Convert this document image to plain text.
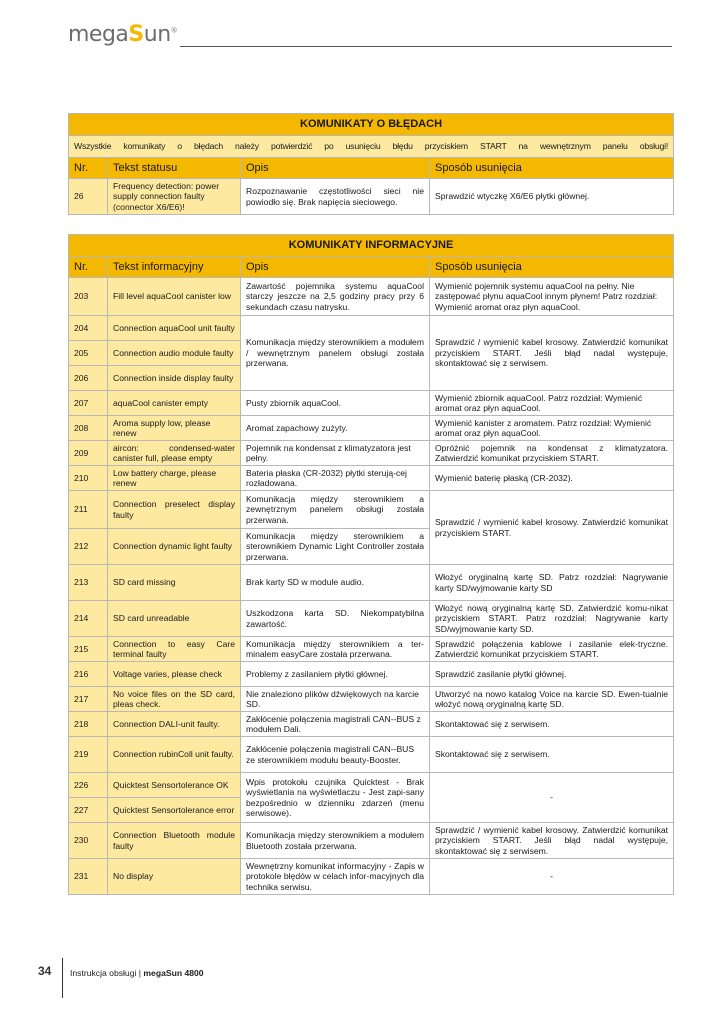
megaSun®
KOMUNIKATY O BŁĘDACH			
Wszystkie komunikaty o błędach należy potwierdzić po usunięciu błędu przyciskiem START na wewnętrznym panelu obsługi!			
Nr.	Tekst statusu	Opis	Sposób usunięcia
26	Frequency detection: power supply connection faulty (connector X6/E6)!	Rozpoznawanie częstotliwości sieci nie powiodło się. Brak napięcia sieciowego.	Sprawdzić wtyczkę X6/E6 płytki głównej.
KOMUNIKATY INFORMACYJNE			
Nr.	Tekst informacyjny	Opis	Sposób usunięcia
203	Fill level aquaCool canister low	Zawartość pojemnika systemu aquaCool starczy jeszcze na 2,5 godziny pracy przy 6 sekundach czasu natrysku.	Wymienić pojemnik systemu aquaCool na pełny. Nie zastępować płynu aquaCool innym płynem! Patrz rozdział: Wymienić aromat oraz płyn aquaCool.
204	Connection aquaCool unit faulty	Komunikacja między sterownikiem a modułem / wewnętrznym panelem obsługi została przerwana.	Sprawdzić / wymienić kabel krosowy. Zatwierdzić komunikat przyciskiem START. Jeśli błąd nadal występuje, skontaktować się z serwisem.
205	Connection audio module faulty		
206	Connection inside display faulty		
207	aquaCool canister empty	Pusty zbiornik aquaCool.	Wymienić zbiornik aquaCool. Patrz rozdział: Wymienić aromat oraz płyn aquaCool.
208	Aroma supply low, please renew	Aromat zapachowy zużyty.	Wymienić kanister z aromatem. Patrz rozdział: Wymienić aromat oraz płyn aquaCool.
209	aircon: condensed-water canister full, please empty	Pojemnik na kondensat z klimatyzatora jest pełny.	Opróżnić pojemnik na kondensat z klimatyzatora. Zatwierdzić komunikat przyciskiem START.
210	Low battery charge, please renew	Bateria płaska (CR-2032) płytki sterują-cej rozładowana.	Wymienić baterię płaską (CR-2032).
211	Connection preselect display faulty	Komunikacja między sterownikiem a zewnętrznym panelem obsługi została przerwana.	Sprawdzić / wymienić kabel krosowy. Zatwierdzić komunikat przyciskiem START.
212	Connection dynamic light faulty	Komunikacja między sterownikiem a sterownikiem Dynamic Light Controller została przerwana.	
213	SD card missing	Brak karty SD w module audio.	Włożyć oryginalną kartę SD. Patrz rozdział: Nagrywanie karty SD/wyjmowanie karty SD
214	SD card unreadable	Uszkodzona karta SD. Niekompatybilna zawartość.	Włożyć nową oryginalną kartę SD. Zatwierdzić komu-nikat przyciskiem START. Patrz rozdział: Nagrywanie karty SD/wyjmowanie karty SD.
215	Connection to easy Care terminal faulty	Komunikacja między sterownikiem a ter-minalem easyCare została przerwana.	Sprawdzić połączenia kablowe i zasilanie elek-tryczne. Zatwierdzić komunikat przyciskiem START.
216	Voltage varies, please check	Problemy z zasilaniem płytki głównej.	Sprawdzić zasilanie płytki głównej.
217	No voice files on the SD card, pleas check.	Nie znaleziono plików dźwiękowych na karcie SD.	Utworzyć na nowo katalog Voice na karcie SD. Ewen-tualnie włożyć nową oryginalną kartę SD.
218	Connection DALI-unit faulty.	Zakłócenie połączenia magistrali CAN--BUS z modułem Dali.	Skontaktować się z serwisem.
219	Connection rubinColl unit faulty.	Zakłócenie połączenia magistrali CAN--BUS ze sterownikiem modułu beauty-Booster.	Skontaktować się z serwisem.
226	Quicktest Sensortolerance OK	Wpis protokołu czujnika Quicktest - Brak wyświetlania na wyświetlaczu - Jest zapi-sany bezpośrednio w dzienniku zdarzeń (menu serwisowe).	-
227	Quicktest Sensortolerance error		
230	Connection Bluetooth module faulty	Komunikacja między sterownikiem a modułem Bluetooth została przerwana.	Sprawdzić / wymienić kabel krosowy. Zatwierdzić komunikat przyciskiem START. Jeśli błąd nadal występuje, skontaktować się z serwisem.
231	No display	Wewnętrzny komunikat informacyjny - Zapis w protokole błędów w celach infor-macyjnych dla technika serwisu.	-
34 Instrukcja obsługi | megaSun 4800
